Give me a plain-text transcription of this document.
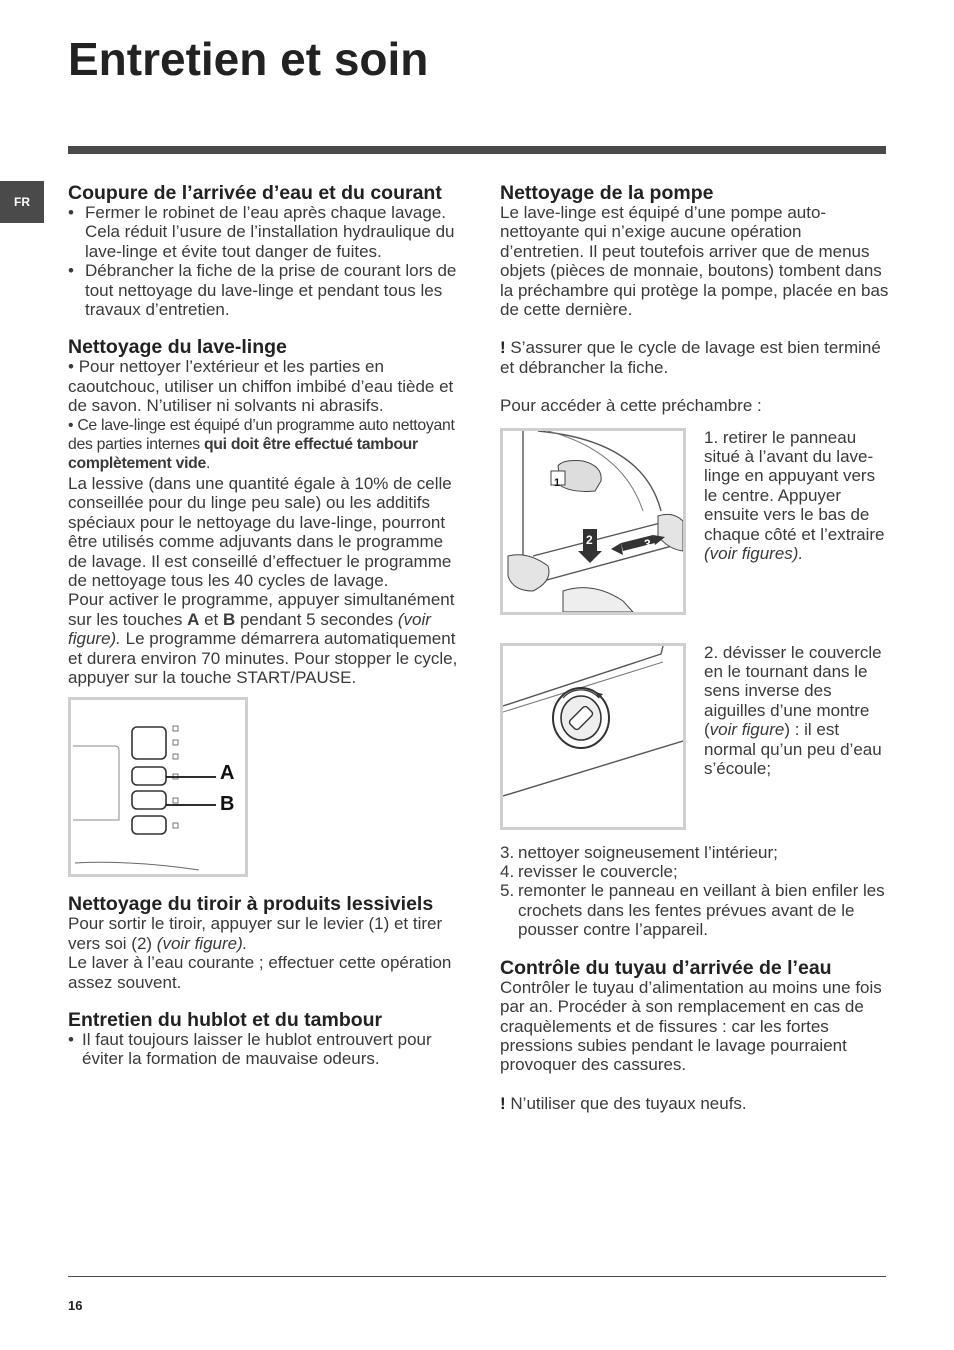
Entretien et soin
FR	Coupure de l’arrivée d’eau et du courant
• Fermer le robinet de l’eau après chaque lavage. Cela réduit l’usure de l’installation hydraulique du lave-linge et évite tout danger de fuites.
• Débrancher la fiche de la prise de courant lors de tout nettoyage du lave-linge et pendant tous les travaux d’entretien.
Nettoyage du lave-linge

• Pour nettoyer l’extérieur et les parties en caoutchouc, utiliser un chiffon imbibé d’eau tiède et de savon. N’utiliser ni solvants ni abrasifs.

• Ce lave-linge est équipé d’un programme auto nettoyant des parties internes qui doit être effectué tambour complètement vide.

La lessive (dans une quantité égale à 10% de celle conseillée pour du linge peu sale) ou les additifs spéciaux pour le nettoyage du lave-linge, pourront être utilisés comme adjuvants dans le programme de lavage. Il est conseillé d’effectuer le programme de nettoyage tous les 40 cycles de lavage.

Pour activer le programme, appuyer simultanément sur les touches A et B pendant 5 secondes (voir figure). Le programme démarrera automatiquement et durera environ 70 minutes. Pour stopper le cycle, appuyer sur la touche START/PAUSE.

A
B
Nettoyage du tiroir à produits lessiviels

Pour sortir le tiroir, appuyer sur le levier (1) et tirer vers soi (2) (voir figure).

Le laver à l’eau courante ; effectuer cette opération assez souvent.

Entretien du hublot et du tambour
• Il faut toujours laisser le hublot entrouvert pour éviter la formation de mauvaise odeurs.
Nettoyage de la pompe

Le lave-linge est équipé d’une pompe auto-nettoyante qui n’exige aucune opération d’entretien. Il peut toutefois arriver que de menus objets (pièces de monnaie, boutons) tombent dans la préchambre qui protège la pompe, placée en bas de cette dernière.

! S’assurer que le cycle de lavage est bien terminé et débrancher la fiche.

Pour accéder à cette préchambre :

1
2	3
1. retirer le panneau situé à l’avant du lave-linge en appuyant vers le centre. Appuyer ensuite vers le bas de chaque côté et l’extraire (voir figures).
2. dévisser le couvercle en le tournant dans le sens inverse des aiguilles d’une montre (voir figure) : il est normal qu’un peu d’eau s’écoule;
3. nettoyer soigneusement l’intérieur;
4. revisser le couvercle;
5. remonter le panneau en veillant à bien enfiler les crochets dans les fentes prévues avant de le pousser contre l’appareil.
Contrôle du tuyau d’arrivée de l’eau

Contrôler le tuyau d’alimentation au moins une fois par an. Procéder à son remplacement en cas de craquèlements et de fissures : car les fortes pressions subies pendant le lavage pourraient provoquer des cassures.

! N’utiliser que des tuyaux neufs.

16
